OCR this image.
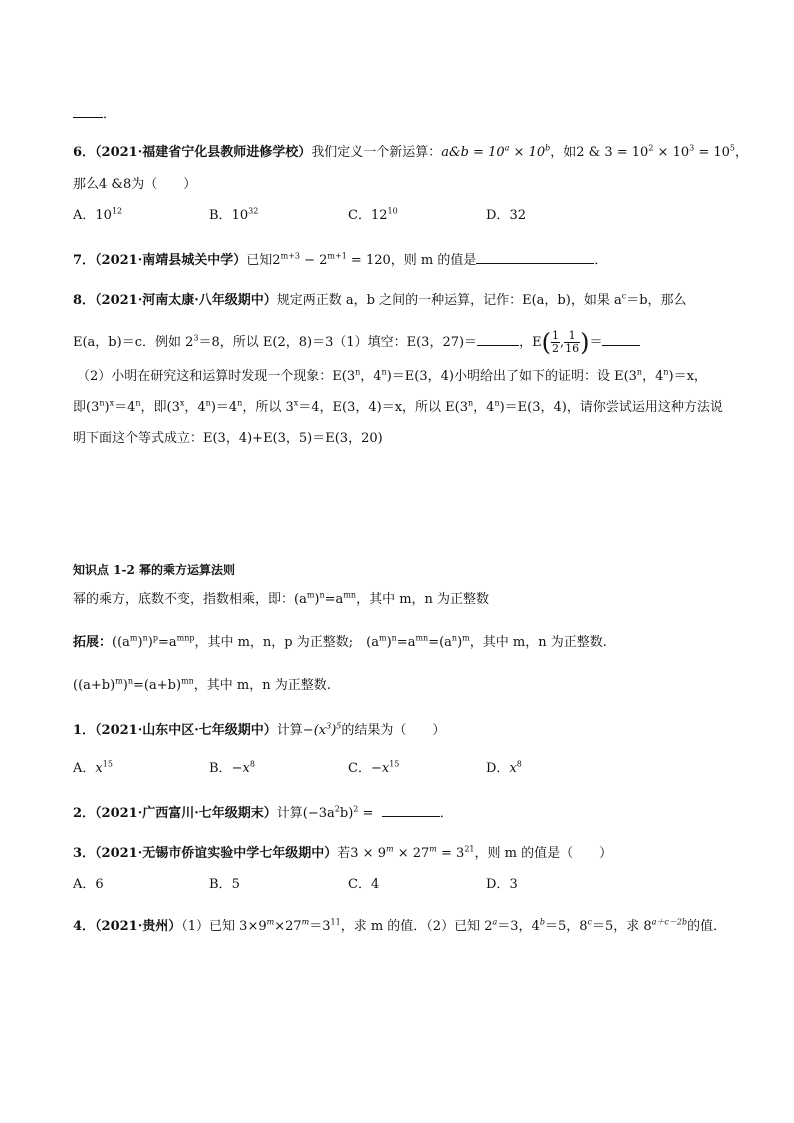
．
6．（2021·福建省宁化县教师进修学校）我们定义一个新运算：a&b = $10^a \times 10^b$，如2 & $3 = 10^2 \times 10^3 = 10^5$，
那么4 &8为（　　）
A．$10^{12}$	B．$10^{32}$	C．$12^{10}$	D．32
7．（2021·南靖县城关中学）已知$2^{m+3} - 2^{m+1} = 120$，则 m 的值是	．
8．（2021·河南太康·八年级期中）规定两正数 a，b 之间的一种运算，记作：E(a，b)，如果 $a^c=b$，那么
E(a，b)＝c．例如 $2^3=8$，所以 E(2，8)＝3（1）填空：E(3，27)＝	，$E( \frac{1}{2}$ , $\frac{1}{16}$ )＝
（2）小明在研究这和运算时发现一个现象：E(3$^n$，$4^n)=E(3$，4)小明给出了如下的证明：设 E(3$^n$，$4^n)=x$，
即$(3^n)^x=4^n$，即(3$^x$，$4^n)=4^n$，所以 $3^x=4$，E(3，4)＝x，所以 E(3$^n$，$4^n)=E(3$，4)，请你尝试运用这种方法说
明下面这个等式成立：E(3，4)+E(3，5)＝E(3，20)
知识点 1-2 幂的乘方运算法则
幂的乘方，底数不变，指数相乘，即：$(a^m)^n=a^{mn}$，其中 m，n 为正整数
拓展：$((a^m)^n)^p=a^{mnp}$，其中 m，n，p 为正整数;　$(a^m)^n=a^{mn}=(a^n)^m$，其中 m，n 为正整数.
$((a+b)^m)^n=(a+b)^{mn}$，其中 m，n 为正整数.
1．（2021·山东中区·七年级期中）计算$-(x^3)^5$的结果为（　　）
A．$x^{15}$	B．$-x^8$	C．$-x^{15}$	D．$x^8$
2．（2021·广西富川·七年级期末）计算$(-3a^2b)^2$ =	．
3．（2021·无锡市侨谊实验中学七年级期中）若$3 \times 9^m \times 27^m = 3^{21}$，则 m 的值是（　　）
A．6	B．5	C．4	D．3
4．（2021·贵州）（1）已知 $3\times 9^m\times 27^m=3^{11}$，求 m 的值．（2）已知 $2^a=3$，$4^b=5$，$8^c=5$，求 $8^{a+c-2b}$的值．
